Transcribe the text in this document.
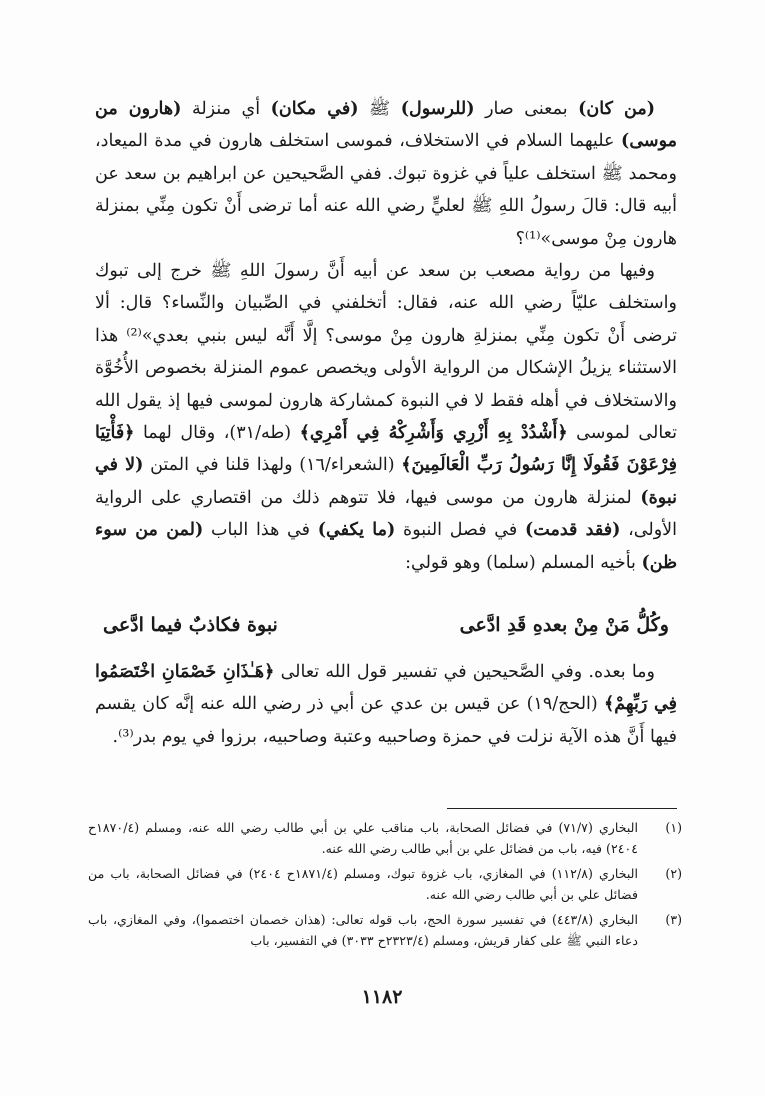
(من كان) بمعنى صار (للرسول) ﷺ (في مكان) أي منزلة (هارون من موسى) عليهما السلام في الاستخلاف، فموسى استخلف هارون في مدة الميعاد، ومحمد ﷺ استخلف علياً في غزوة تبوك. ففي الصَّحيحين عن ابراهيم بن سعد عن أبيه قال: قالَ رسولُ اللهِ ﷺ لعليٍّ رضي الله عنه أما ترضى أَنْ تكون مِنِّي بمنزلة هارون مِنْ موسى»⁽¹⁾؟

وفيها من رواية مصعب بن سعد عن أبيه أَنَّ رسولَ اللهِ ﷺ خرج إلى تبوك واستخلف عليّاً رضي الله عنه، فقال: أتخلفني في الصِّبيان والنِّساء؟ قال: ألا ترضى أَنْ تكون مِنِّي بمنزلةِ هارون مِنْ موسى؟ إلَّا أَنَّه ليس بنبي بعدي»⁽²⁾ هذا الاستثناء يزيلُ الإشكال من الرواية الأولى ويخصص عموم المنزلة بخصوص الأُخُوَّة والاستخلاف في أهله فقط لا في النبوة كمشاركة هارون لموسى فيها إذ يقول الله تعالى لموسى ﴿أَشْدُدْ بِهِ أَزْرِي وَأَشْرِكْهُ فِي أَمْرِي﴾ (طه/٣١)، وقال لهما ﴿فَأْتِيَا فِرْعَوْنَ فَقُولَا إِنَّا رَسُولُ رَبِّ الْعَالَمِينَ﴾ (الشعراء/١٦) ولهذا قلنا في المتن (لا في نبوة) لمنزلة هارون من موسى فيها، فلا تتوهم ذلك من اقتصاري على الرواية الأولى، (فقد قدمت) في فصل النبوة (ما يكفي) في هذا الباب (لمن من سوء ظن) بأخيه المسلم (سلما) وهو قولي:

وكُلُّ مَنْ مِنْ بعدهِ قَدِ ادَّعى
نبوة فكاذبٌ فيما ادَّعى

وما بعده. وفي الصَّحيحين في تفسير قول الله تعالى ﴿هَـٰذَانِ خَصْمَانِ اخْتَصَمُوا فِي رَبِّهِمْ﴾ (الحج/١٩) عن قيس بن عدي عن أبي ذر رضي الله عنه إنَّه كان يقسم فيها أَنَّ هذه الآية نزلت في حمزة وصاحبيه وعتبة وصاحبيه، برزوا في يوم بدر⁽³⁾.

(١)
البخاري (٧١/٧) في فضائل الصحابة، باب مناقب علي بن أبي طالب رضي الله عنه، ومسلم (١٨٧٠/٤ح ٢٤٠٤) فيه، باب من فضائل علي بن أبي طالب رضي الله عنه.
(٢)
البخاري (١١٢/٨) في المغازي، باب غزوة تبوك، ومسلم (١٨٧١/٤ح ٢٤٠٤) في فضائل الصحابة، باب من فضائل علي بن أبي طالب رضي الله عنه.
(٣)
البخاري (٤٤٣/٨) في تفسير سورة الحج، باب قوله تعالى: (هذان خصمان اختصموا)، وفي المغازي، باب دعاء النبي ﷺ على كفار قريش، ومسلم (٢٣٢٣/٤ح ٣٠٣٣) في التفسير، باب
١١٨٢
